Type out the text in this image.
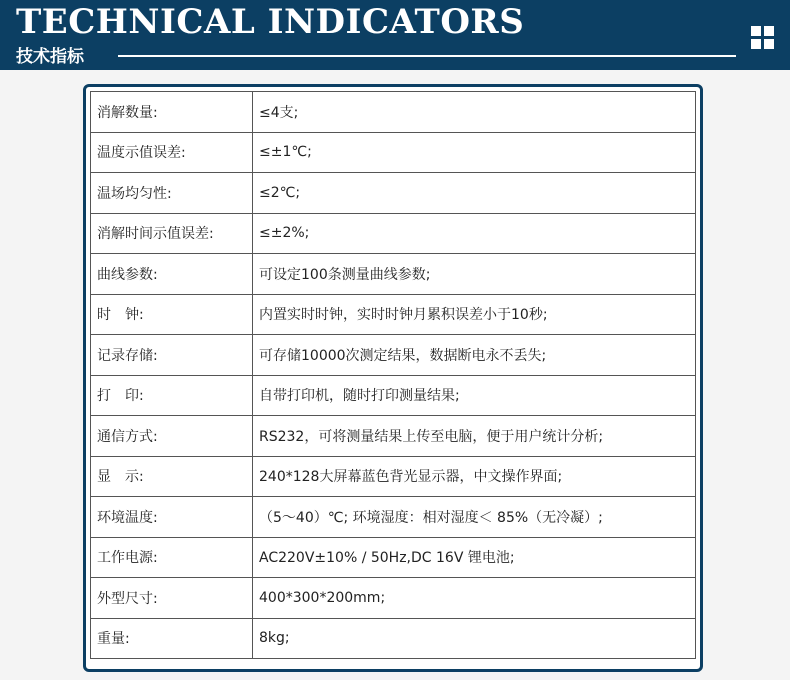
TECHNICAL INDICATORS
技术指标
消解数量:	≤4支;
温度示值误差:	≤±1℃;
温场均匀性:	≤2℃;
消解时间示值误差:	≤±2%;
曲线参数:	可设定100条测量曲线参数;
时　钟:	内置实时时钟，实时时钟月累积误差小于10秒;
记录存储:	可存储10000次测定结果，数据断电永不丢失;
打　印:	自带打印机，随时打印测量结果;
通信方式:	RS232，可将测量结果上传至电脑，便于用户统计分析;
显　示:	240*128大屏幕蓝色背光显示器，中文操作界面;
环境温度:	（5～40）℃; 环境湿度：相对湿度＜ 85%（无冷凝）;
工作电源:	AC220V±10% / 50Hz,DC 16V 锂电池;
外型尺寸:	400*300*200mm;
重量:	8kg;
